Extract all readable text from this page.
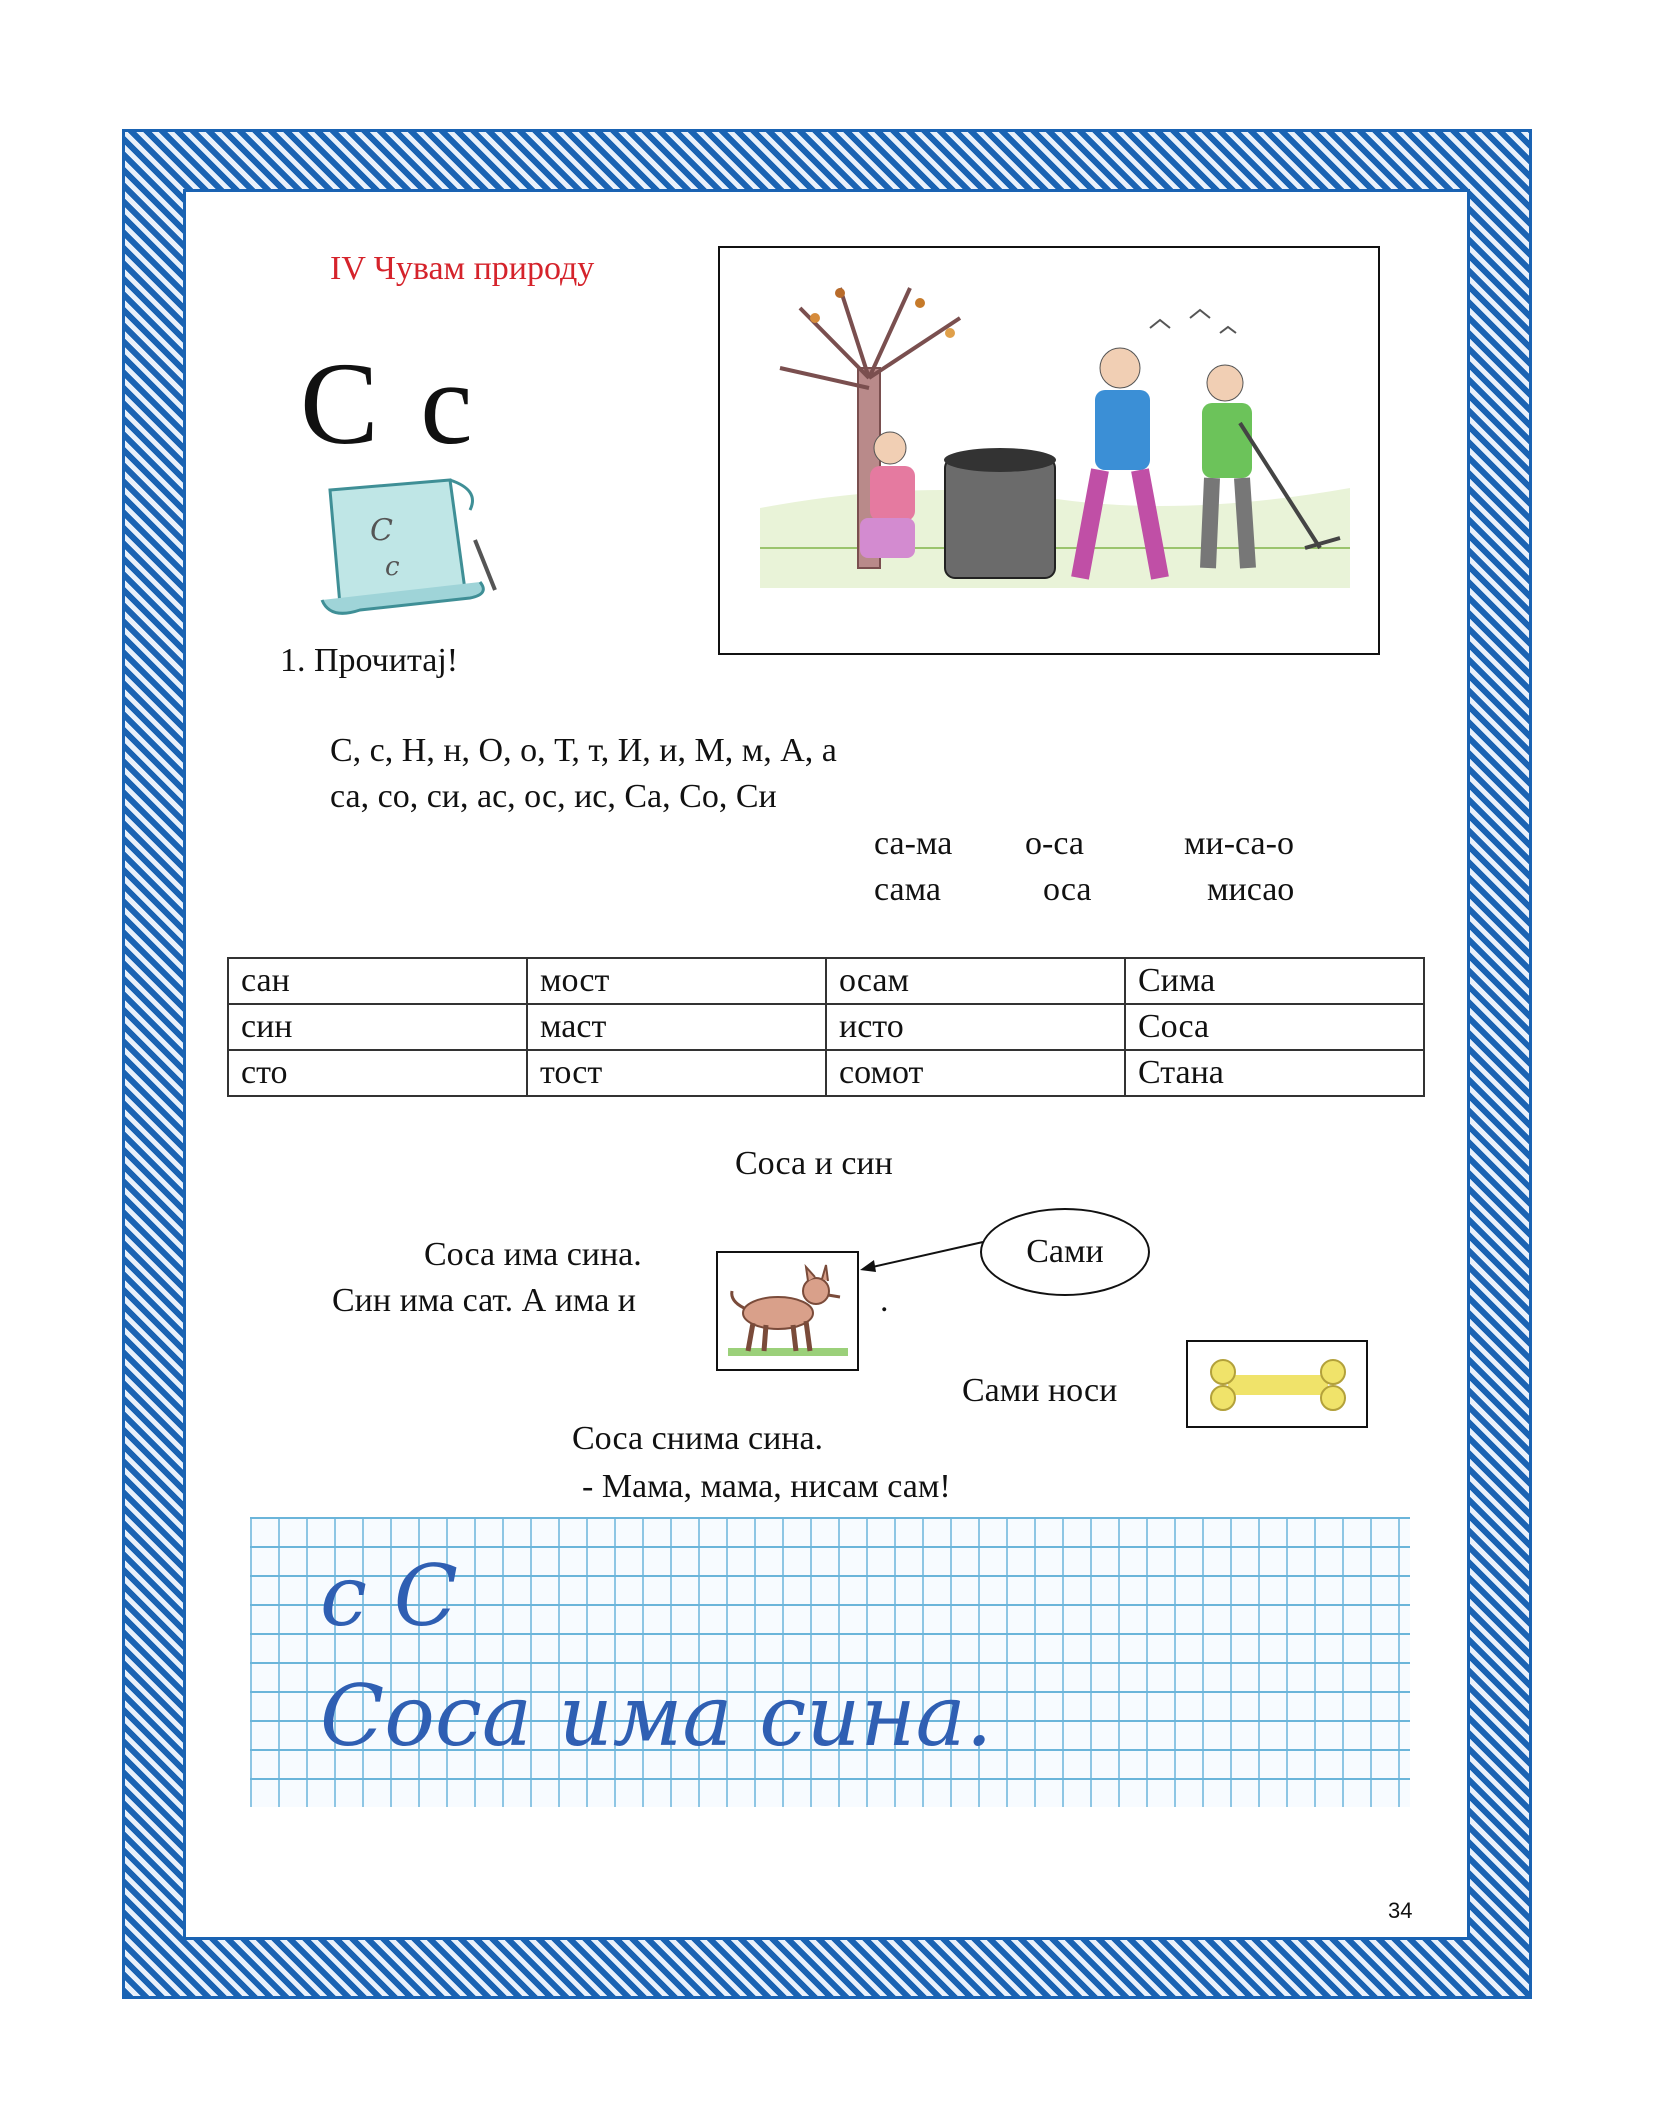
IV Чувам природу
С с
С
с
1. Прочитај!
С, с, Н, н, О, о, Т, т, И, и, М, м, А, а
са, со, си, ас, ос, ис, Са, Со, Си
са-ма о-са	ми-са-о
сама	оса	мисао
сан	мост	осам	Сима
син	маст	исто	Соса
сто	тост	сомот	Стана
Соса и син
Соса има сина.
Син има сат. А има и	.
Сами
Сами носи
Соса снима сина.
- Мама, мама, нисам сам!
с С
Соса има сина.
34
